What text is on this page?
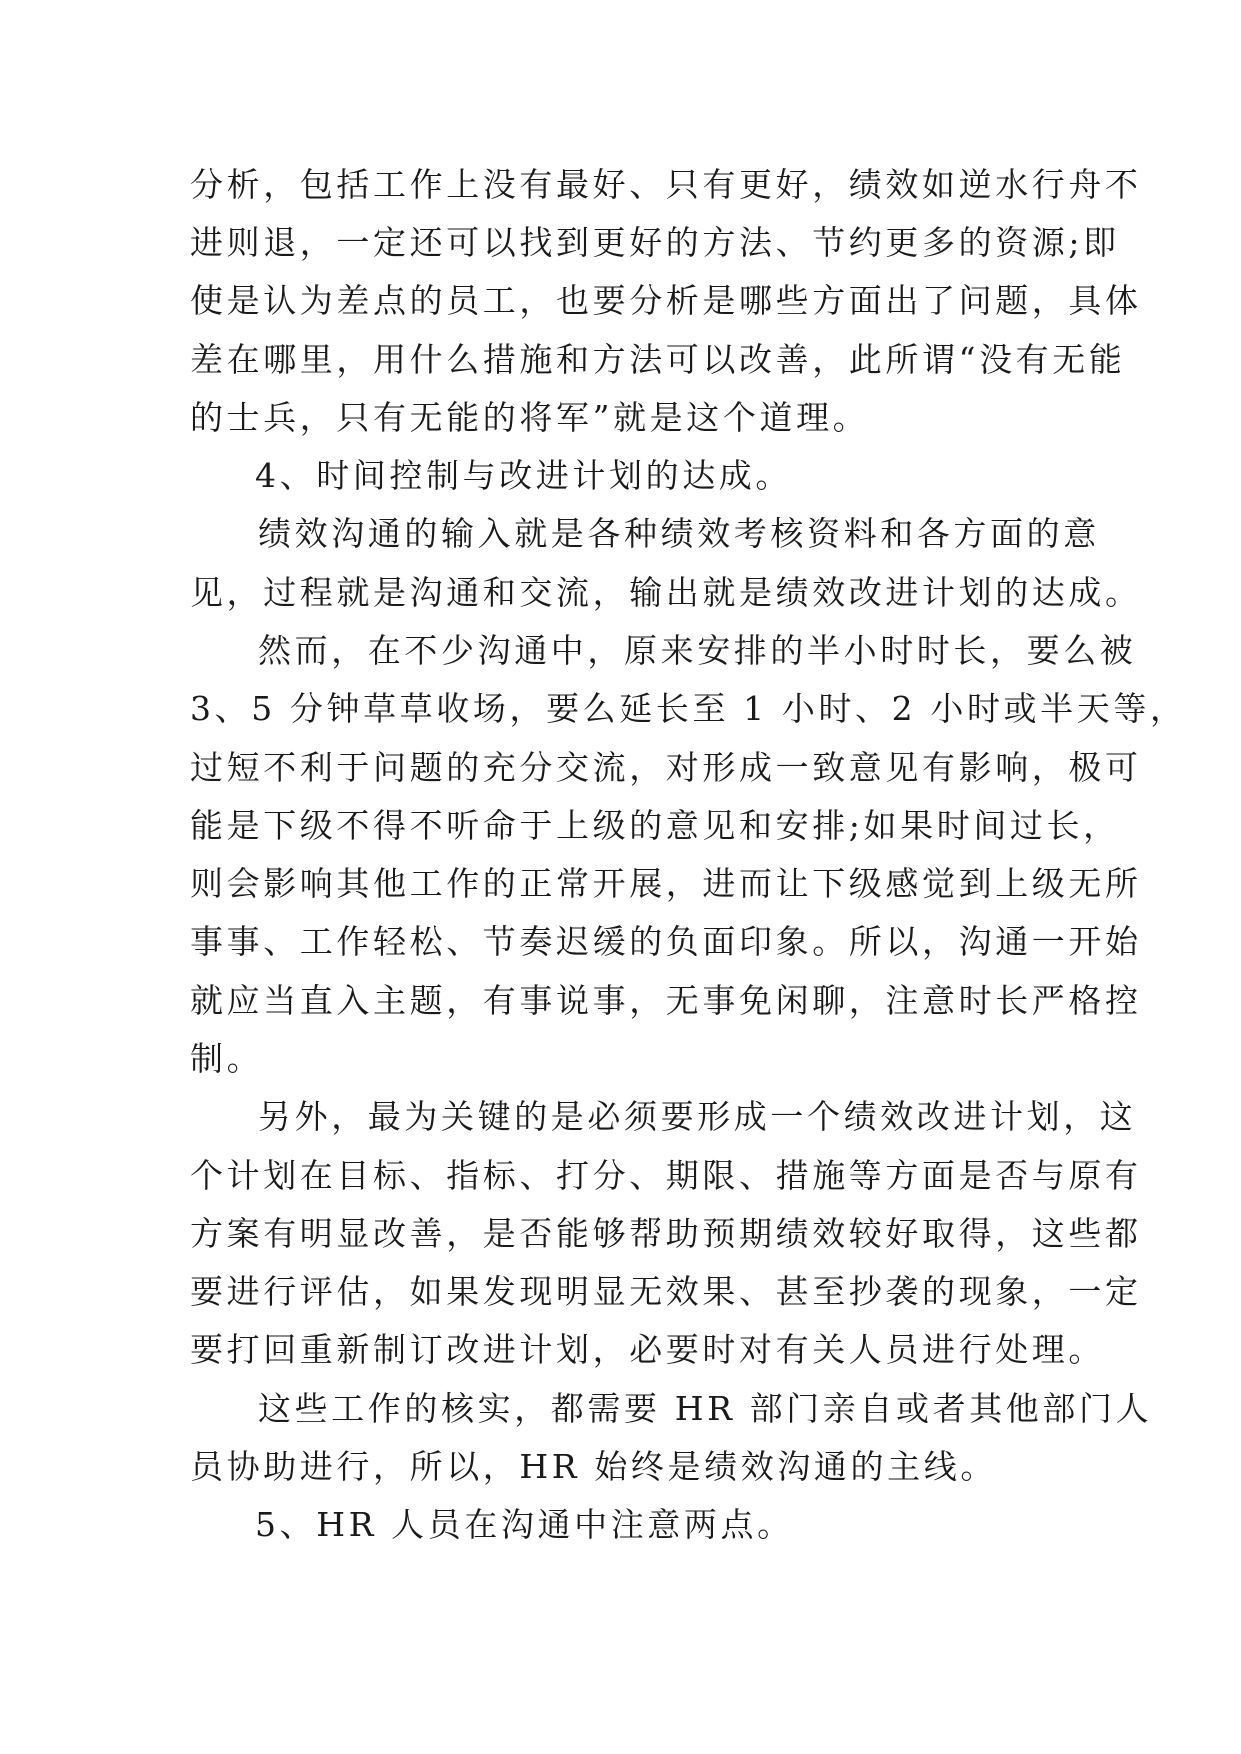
分析，包括工作上没有最好、只有更好，绩效如逆水行舟不
进则退，一定还可以找到更好的方法、节约更多的资源;即
使是认为差点的员工，也要分析是哪些方面出了问题，具体
差在哪里，用什么措施和方法可以改善，此所谓“没有无能
的士兵，只有无能的将军”就是这个道理。
4、时间控制与改进计划的达成。
绩效沟通的输入就是各种绩效考核资料和各方面的意
见，过程就是沟通和交流，输出就是绩效改进计划的达成。
然而，在不少沟通中，原来安排的半小时时长，要么被
3、5 分钟草草收场，要么延长至 1 小时、2 小时或半天等，
过短不利于问题的充分交流，对形成一致意见有影响，极可
能是下级不得不听命于上级的意见和安排;如果时间过长，
则会影响其他工作的正常开展，进而让下级感觉到上级无所
事事、工作轻松、节奏迟缓的负面印象。所以，沟通一开始
就应当直入主题，有事说事，无事免闲聊，注意时长严格控
制。
另外，最为关键的是必须要形成一个绩效改进计划，这
个计划在目标、指标、打分、期限、措施等方面是否与原有
方案有明显改善，是否能够帮助预期绩效较好取得，这些都
要进行评估，如果发现明显无效果、甚至抄袭的现象，一定
要打回重新制订改进计划，必要时对有关人员进行处理。
这些工作的核实，都需要 HR 部门亲自或者其他部门人
员协助进行，所以，HR 始终是绩效沟通的主线。
5、HR 人员在沟通中注意两点。
